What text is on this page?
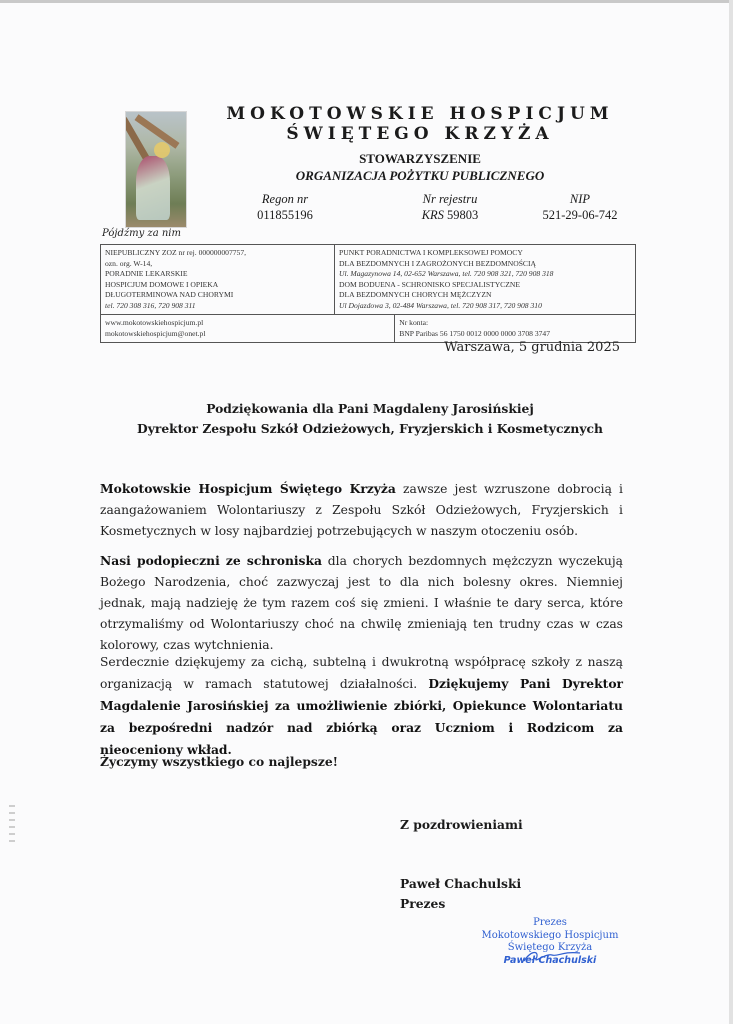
Pójdźmy za nim
MOKOTOWSKIE HOSPICJUM
ŚWIĘTEGO KRZYŻA
STOWARZYSZENIE
ORGANIZACJA POŻYTKU PUBLICZNEGO
Regon nr
011855196
Nr rejestru
KRS 59803
NIP
521-29-06-742
NIEPUBLICZNY ZOZ nr rej. 000000007757,
ozn. org. W-14,
PORADNIE LEKARSKIE
HOSPICJUM DOMOWE I OPIEKA
DŁUGOTERMINOWA NAD CHORYMI
tel. 720 308 316, 720 908 311

PUNKT PORADNICTWA I KOMPLEKSOWEJ POMOCY
DLA BEZDOMNYCH I ZAGROŻONYCH BEZDOMNOŚCIĄ
Ul. Magazynowa 14, 02-652 Warszawa, tel. 720 908 321, 720 908 318
DOM BODUENA - SCHRONISKO SPECJALISTYCZNE
DLA BEZDOMNYCH CHORYCH MĘŻCZYZN
Ul Dojazdowa 3, 02-484 Warszawa, tel. 720 908 317, 720 908 310

www.mokotowskiehospicjum.pl
mokotowskiehospicjum@onet.pl

Nr konta:
BNP Paribas 56 1750 0012 0000 0000 3708 3747
Warszawa, 5 grudnia 2025
Podziękowania dla Pani Magdaleny Jarosińskiej
Dyrektor Zespołu Szkół Odzieżowych, Fryzjerskich i Kosmetycznych
Mokotowskie Hospicjum Świętego Krzyża zawsze jest wzruszone dobrocią i zaangażowaniem Wolontariuszy z Zespołu Szkół Odzieżowych, Fryzjerskich i Kosmetycznych w losy najbardziej potrzebujących w naszym otoczeniu osób.
Nasi podopieczni ze schroniska dla chorych bezdomnych mężczyzn wyczekują Bożego Narodzenia, choć zazwyczaj jest to dla nich bolesny okres. Niemniej jednak, mają nadzieję że tym razem coś się zmieni. I właśnie te dary serca, które otrzymaliśmy od Wolontariuszy choć na chwilę zmieniają ten trudny czas w czas kolorowy, czas wytchnienia.
Serdecznie dziękujemy za cichą, subtelną i dwukrotną współpracę szkoły z naszą organizacją w ramach statutowej działalności. Dziękujemy Pani Dyrektor Magdalenie Jarosińskiej za umożliwienie zbiórki, Opiekunce Wolontariatu za bezpośredni nadzór nad zbiórką oraz Uczniom i Rodzicom za nieoceniony wkład.
Życzymy wszystkiego co najlepsze!
Z pozdrowieniami
Paweł Chachulski
Prezes
Prezes
Mokotowskiego Hospicjum
Świętego Krzyża
Paweł Chachulski
